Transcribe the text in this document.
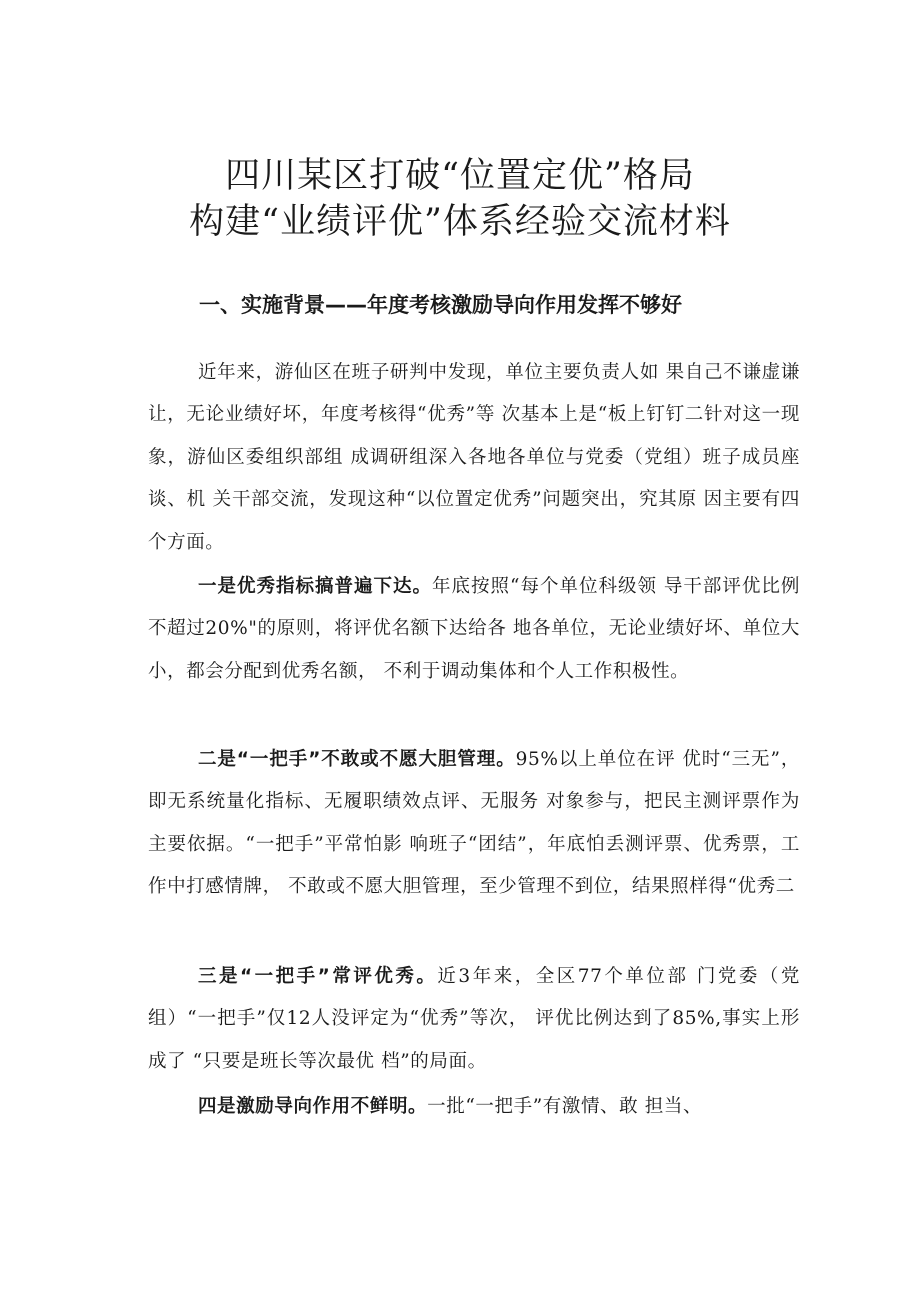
四川某区打破“位置定优”格局
构建“业绩评优”体系经验交流材料
一、实施背景——年度考核激励导向作用发挥不够好

近年来，游仙区在班子研判中发现，单位主要负责人如 果自己不谦虚谦让，无论业绩好坏，年度考核得“优秀”等 次基本上是“板上钉钉二针对这一现象，游仙区委组织部组 成调研组深入各地各单位与党委（党组）班子成员座谈、机 关干部交流，发现这种“以位置定优秀”问题突出，究其原 因主要有四个方面。

一是优秀指标搞普遍下达。年底按照“每个单位科级领 导干部评优比例不超过20%"的原则，将评优名额下达给各 地各单位，无论业绩好坏、单位大小，都会分配到优秀名额， 不利于调动集体和个人工作积极性。

二是“一把手”不敢或不愿大胆管理。95%以上单位在评 优时“三无”，即无系统量化指标、无履职绩效点评、无服务 对象参与，把民主测评票作为主要依据。“一把手”平常怕影 响班子“团结”，年底怕丢测评票、优秀票，工作中打感情牌， 不敢或不愿大胆管理，至少管理不到位，结果照样得“优秀二

三是“一把手”常评优秀。近3年来，全区77个单位部 门党委（党组）“一把手”仅12人没评定为“优秀”等次， 评优比例达到了85%,事实上形成了 “只要是班长等次最优 档”的局面。

四是激励导向作用不鲜明。一批“一把手”有激情、敢 担当、
